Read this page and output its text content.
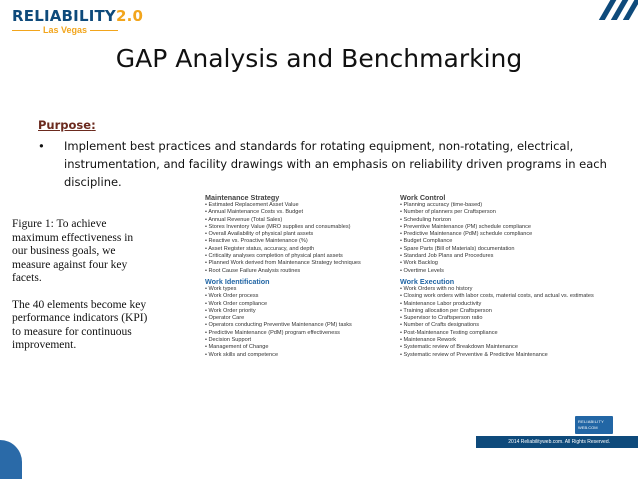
RELIABILITY2.0
Las Vegas
GAP Analysis and Benchmarking
Purpose:
• Implement best practices and standards for rotating equipment, non-rotating, electrical, instrumentation, and facility drawings with an emphasis on reliability driven programs in each discipline.

Figure 1: To achieve maximum effectiveness in our business goals, we measure against four key facets.

The 40 elements become key performance indicators (KPI) to measure for continuous improvement.

Maintenance Strategy
• Estimated Replacement Asset Value
• Annual Maintenance Costs vs. Budget
• Annual Revenue (Total Sales)
• Stores Inventory Value (MRO supplies and consumables)
• Overall Availability of physical plant assets
• Reactive vs. Proactive Maintenance (%)
• Asset Register status, accuracy, and depth
• Criticality analyses completion of physical plant assets
• Planned Work derived from Maintenance Strategy techniques
• Root Cause Failure Analysis routines
Work Identification
• Work types
• Work Order process
• Work Order compliance
• Work Order priority
• Operator Care
• Operators conducting Preventive Maintenance (PM) tasks
• Predictive Maintenance (PdM) program effectiveness
• Decision Support
• Management of Change
• Work skills and competence
Work Control
• Planning accuracy (time-based)
• Number of planners per Craftsperson
• Scheduling horizon
• Preventive Maintenance (PM) schedule compliance
• Predictive Maintenance (PdM) schedule compliance
• Budget Compliance
• Spare Parts (Bill of Materials) documentation
• Standard Job Plans and Procedures
• Work Backlog
• Overtime Levels
Work Execution
• Work Orders with no history
• Closing work orders with labor costs, material costs, and actual vs. estimates
• Maintenance Labor productivity
• Training allocation per Craftsperson
• Supervisor to Craftsperson ratio
• Number of Crafts designations
• Post-Maintenance Testing compliance
• Maintenance Rework
• Systematic review of Breakdown Maintenance
• Systematic review of Preventive & Predictive Maintenance
RELIABILITY
WEB.COM
2014 Reliabilityweb.com. All Rights Reserved.
